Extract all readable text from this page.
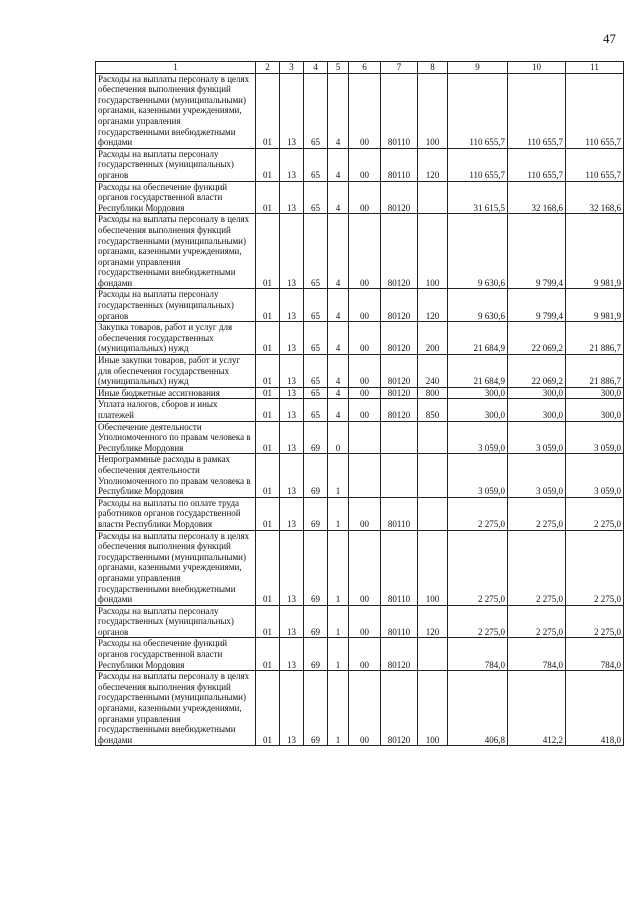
47
1	2	3	4	5	6	7	8	9	10	11
Расходы на выплаты персоналу в целях обеспечения выполнения функций государственными (муниципальными) органами, казенными учреждениями, органами управления государственными внебюджетными фондами	01	13	65	4	00	80110	100	110 655,7	110 655,7	110 655,7
Расходы на выплаты персоналу государственных (муниципальных) органов	01	13	65	4	00	80110	120	110 655,7	110 655,7	110 655,7
Расходы на обеспечение функций органов государственной власти Республики Мордовия	01	13	65	4	00	80120		31 615,5	32 168,6	32 168,6
Расходы на выплаты персоналу в целях обеспечения выполнения функций государственными (муниципальными) органами, казенными учреждениями, органами управления государственными внебюджетными фондами	01	13	65	4	00	80120	100	9 630,6	9 799,4	9 981,9
Расходы на выплаты персоналу государственных (муниципальных) органов	01	13	65	4	00	80120	120	9 630,6	9 799,4	9 981,9
Закупка товаров, работ и услуг для обеспечения государственных (муниципальных) нужд	01	13	65	4	00	80120	200	21 684,9	22 069,2	21 886,7
Иные закупки товаров, работ и услуг для обеспечения государственных (муниципальных) нужд	01	13	65	4	00	80120	240	21 684,9	22 069,2	21 886,7
Иные бюджетные ассигнования	01	13	65	4	00	80120	800	300,0	300,0	300,0
Уплата налогов, сборов и иных платежей	01	13	65	4	00	80120	850	300,0	300,0	300,0
Обеспечение деятельности Уполномоченного по правам человека в Республике Мордовия	01	13	69	0				3 059,0	3 059,0	3 059,0
Непрограммные расходы в рамках обеспечения деятельности Уполномоченного по правам человека в Республике Мордовия	01	13	69	1				3 059,0	3 059,0	3 059,0
Расходы на выплаты по оплате труда работников органов государственной власти Республики Мордовия	01	13	69	1	00	80110		2 275,0	2 275,0	2 275,0
Расходы на выплаты персоналу в целях обеспечения выполнения функций государственными (муниципальными) органами, казенными учреждениями, органами управления государственными внебюджетными фондами	01	13	69	1	00	80110	100	2 275,0	2 275,0	2 275,0
Расходы на выплаты персоналу государственных (муниципальных) органов	01	13	69	1	00	80110	120	2 275,0	2 275,0	2 275,0
Расходы на обеспечение функций органов государственной власти Республики Мордовия	01	13	69	1	00	80120		784,0	784,0	784,0
Расходы на выплаты персоналу в целях обеспечения выполнения функций государственными (муниципальными) органами, казенными учреждениями, органами управления государственными внебюджетными фондами	01	13	69	1	00	80120	100	406,8	412,2	418,0
